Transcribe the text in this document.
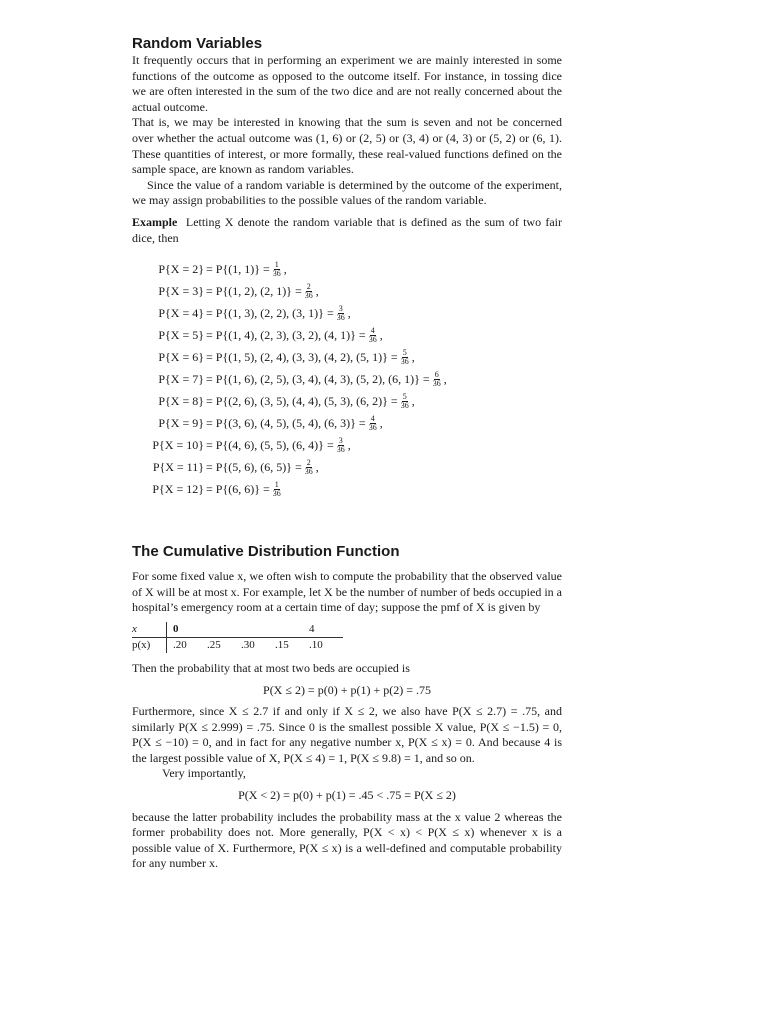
Random Variables

It frequently occurs that in performing an experiment we are mainly interested in some functions of the outcome as opposed to the outcome itself. For instance, in tossing dice we are often interested in the sum of the two dice and are not really concerned about the actual outcome.

That is, we may be interested in knowing that the sum is seven and not be concerned over whether the actual outcome was (1, 6) or (2, 5) or (3, 4) or (4, 3) or (5, 2) or (6, 1). These quantities of interest, or more formally, these real-valued functions defined on the sample space, are known as random variables.

Since the value of a random variable is determined by the outcome of the experiment, we may assign probabilities to the possible values of the random variable.

Example Letting X denote the random variable that is defined as the sum of two fair dice, then

P{X = 2} = P{(1, $1)\} = \frac{1}{36}$ ,
P{X = 3} = P{(1, 2), (2, $1)\} = \frac{2}{36}$ ,
P{X = 4} = P{(1, 3), (2, 2), (3, $1)\} = \frac{3}{36}$ ,
P{X = 5} = P{(1, 4), (2, 3), (3, 2), (4, $1)\} = \frac{4}{36}$ ,
P{X = 6} = P{(1, 5), (2, 4), (3, 3), (4, 2), (5, $1)\} = \frac{5}{36}$ ,
P{X = 7} = P{(1, 6), (2, 5), (3, 4), (4, 3), (5, 2), (6, $1)\} = \frac{6}{36}$ ,
P{X = 8} = P{(2, 6), (3, 5), (4, 4), (5, 3), (6, $2)\} = \frac{5}{36}$ ,
P{X = 9} = P{(3, 6), (4, 5), (5, 4), (6, $3)\} = \frac{4}{36}$ ,
P{X = 10} = P{(4, 6), (5, 5), (6, $4)\} = \frac{3}{36}$ ,
P{X = 11} = P{(5, 6), (6, $5)\} = \frac{2}{36}$ ,
P{X = 12} = P{(6, $6)\} = \frac{1}{36}$
The Cumulative Distribution Function

For some fixed value x, we often wish to compute the probability that the observed value of X will be at most x. For example, let X be the number of number of beds occupied in a hospital’s emergency room at a certain time of day; suppose the pmf of X is given by

x		0				4
p(x)		.20	.25	.30	.15	.10

Then the probability that at most two beds are occupied is

P(X ≤ 2) = p(0) + p(1) + p(2) = .75

Furthermore, since X ≤ 2.7 if and only if X ≤ 2, we also have P(X ≤ 2.7) = .75, and similarly P(X ≤ 2.999) = .75. Since 0 is the smallest possible X value, P(X ≤ −1.5) = 0, P(X ≤ −10) = 0, and in fact for any negative number x, P(X ≤ x) = 0. And because 4 is the largest possible value of X, P(X ≤ 4) = 1, P(X ≤ 9.8) = 1, and so on.

Very importantly,

P(X < 2) = p(0) + p(1) = .45 < .75 = P(X ≤ 2)

because the latter probability includes the probability mass at the x value 2 whereas the former probability does not. More generally, P(X < x) < P(X ≤ x) whenever x is a possible value of X. Furthermore, P(X ≤ x) is a well-defined and computable probability for any number x.
